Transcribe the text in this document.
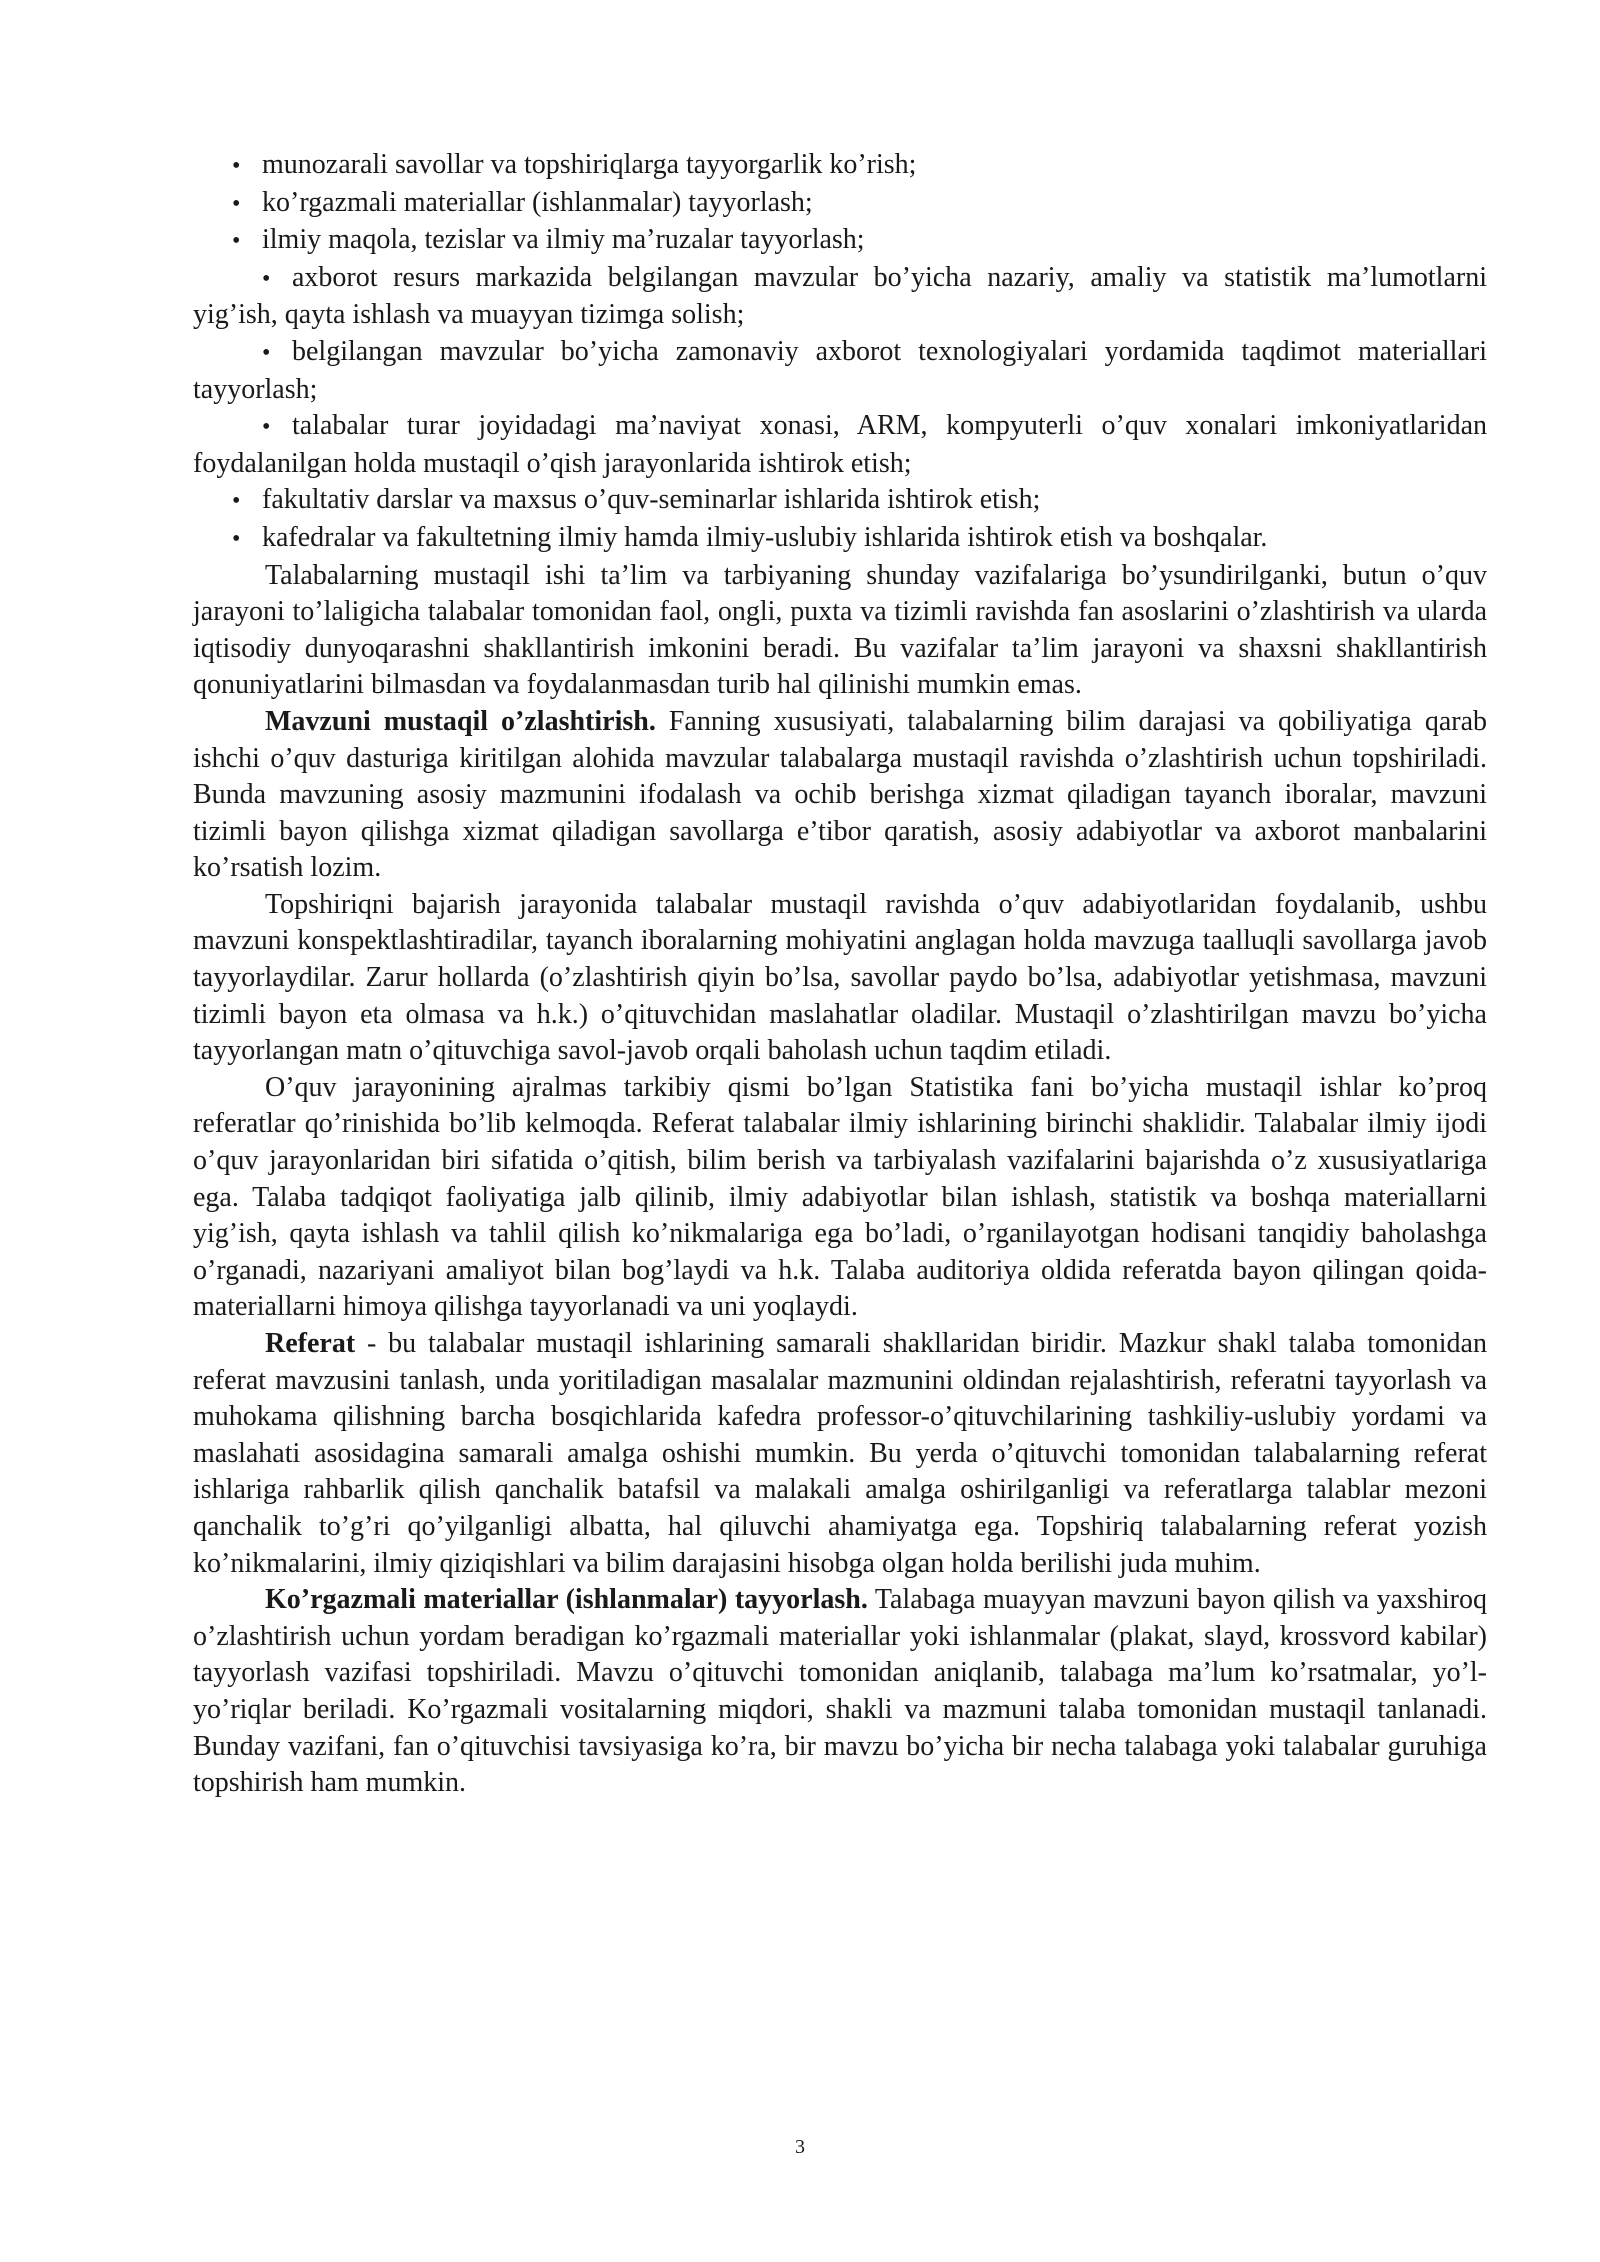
• munozarali savollar va topshiriqlarga tayyorgarlik ko’rish;
• ko’rgazmali materiallar (ishlanmalar) tayyorlash;
• ilmiy maqola, tezislar va ilmiy ma’ruzalar tayyorlash;
• axborot resurs markazida belgilangan mavzular bo’yicha nazariy, amaliy va statistik ma’lumotlarni yig’ish, qayta ishlash va muayyan tizimga solish;
• belgilangan mavzular bo’yicha zamonaviy axborot texnologiyalari yordamida taqdimot materiallari tayyorlash;
• talabalar turar joyidadagi ma’naviyat xonasi, ARM, kompyuterli o’quv xonalari imkoniyatlaridan foydalanilgan holda mustaqil o’qish jarayonlarida ishtirok etish;
• fakultativ darslar va maxsus o’quv-seminarlar ishlarida ishtirok etish;
• kafedralar va fakultetning ilmiy hamda ilmiy-uslubiy ishlarida ishtirok etish va boshqalar.

Talabalarning mustaqil ishi ta’lim va tarbiyaning shunday vazifalariga bo’ysundirilganki, butun o’quv jarayoni to’laligicha talabalar tomonidan faol, ongli, puxta va tizimli ravishda fan asoslarini o’zlashtirish va ularda iqtisodiy dunyoqarashni shakllantirish imkonini beradi. Bu vazifalar ta’lim jarayoni va shaxsni shakllantirish qonuniyatlarini bilmasdan va foydalanmasdan turib hal qilinishi mumkin emas.

Mavzuni mustaqil o’zlashtirish. Fanning xususiyati, talabalarning bilim darajasi va qobiliyatiga qarab ishchi o’quv dasturiga kiritilgan alohida mavzular talabalarga mustaqil ravishda o’zlashtirish uchun topshiriladi. Bunda mavzuning asosiy mazmunini ifodalash va ochib berishga xizmat qiladigan tayanch iboralar, mavzuni tizimli bayon qilishga xizmat qiladigan savollarga e’tibor qaratish, asosiy adabiyotlar va axborot manbalarini ko’rsatish lozim.

Topshiriqni bajarish jarayonida talabalar mustaqil ravishda o’quv adabiyotlaridan foydalanib, ushbu mavzuni konspektlashtiradilar, tayanch iboralarning mohiyatini anglagan holda mavzuga taalluqli savollarga javob tayyorlaydilar. Zarur hollarda (o’zlashtirish qiyin bo’lsa, savollar paydo bo’lsa, adabiyotlar yetishmasa, mavzuni tizimli bayon eta olmasa va h.k.) o’qituvchidan maslahatlar oladilar. Mustaqil o’zlashtirilgan mavzu bo’yicha tayyorlangan matn o’qituvchiga savol-javob orqali baholash uchun taqdim etiladi.

O’quv jarayonining ajralmas tarkibiy qismi bo’lgan Statistika fani bo’yicha mustaqil ishlar ko’proq referatlar qo’rinishida bo’lib kelmoqda. Referat talabalar ilmiy ishlarining birinchi shaklidir. Talabalar ilmiy ijodi o’quv jarayonlaridan biri sifatida o’qitish, bilim berish va tarbiyalash vazifalarini bajarishda o’z xususiyatlariga ega. Talaba tadqiqot faoliyatiga jalb qilinib, ilmiy adabiyotlar bilan ishlash, statistik va boshqa materiallarni yig’ish, qayta ishlash va tahlil qilish ko’nikmalariga ega bo’ladi, o’rganilayotgan hodisani tanqidiy baholashga o’rganadi, nazariyani amaliyot bilan bog’laydi va h.k. Talaba auditoriya oldida referatda bayon qilingan qoida-materiallarni himoya qilishga tayyorlanadi va uni yoqlaydi.

Referat - bu talabalar mustaqil ishlarining samarali shakllaridan biridir. Mazkur shakl talaba tomonidan referat mavzusini tanlash, unda yoritiladigan masalalar mazmunini oldindan rejalashtirish, referatni tayyorlash va muhokama qilishning barcha bosqichlarida kafedra professor-o’qituvchilarining tashkiliy-uslubiy yordami va maslahati asosidagina samarali amalga oshishi mumkin. Bu yerda o’qituvchi tomonidan talabalarning referat ishlariga rahbarlik qilish qanchalik batafsil va malakali amalga oshirilganligi va referatlarga talablar mezoni qanchalik to’g’ri qo’yilganligi albatta, hal qiluvchi ahamiyatga ega. Topshiriq talabalarning referat yozish ko’nikmalarini, ilmiy qiziqishlari va bilim darajasini hisobga olgan holda berilishi juda muhim.

Ko’rgazmali materiallar (ishlanmalar) tayyorlash. Talabaga muayyan mavzuni bayon qilish va yaxshiroq o’zlashtirish uchun yordam beradigan ko’rgazmali materiallar yoki ishlanmalar (plakat, slayd, krossvord kabilar) tayyorlash vazifasi topshiriladi. Mavzu o’qituvchi tomonidan aniqlanib, talabaga ma’lum ko’rsatmalar, yo’l-yo’riqlar beriladi. Ko’rgazmali vositalarning miqdori, shakli va mazmuni talaba tomonidan mustaqil tanlanadi. Bunday vazifani, fan o’qituvchisi tavsiyasiga ko’ra, bir mavzu bo’yicha bir necha talabaga yoki talabalar guruhiga topshirish ham mumkin.

3
